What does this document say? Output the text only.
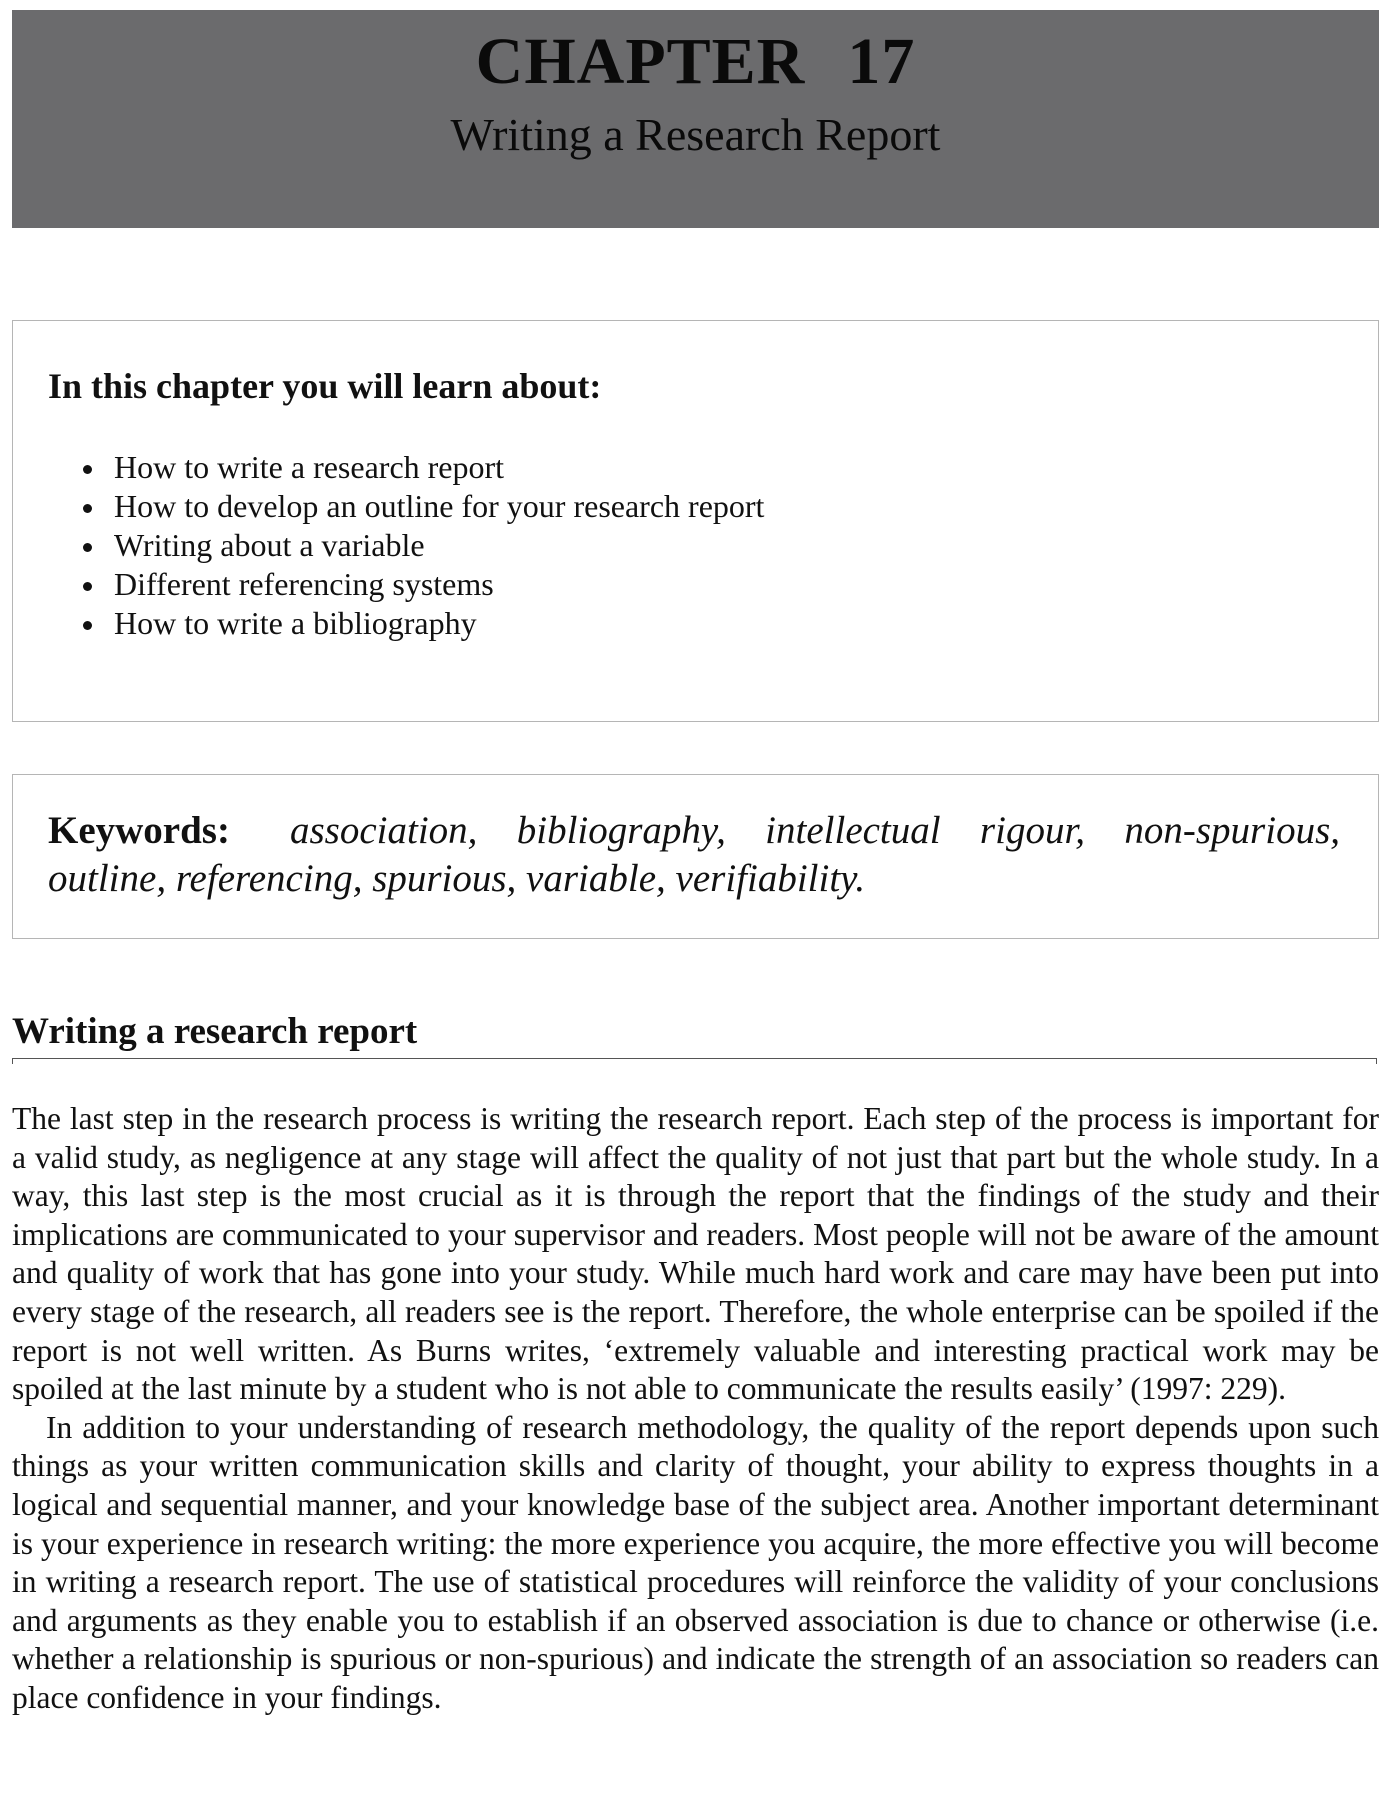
CHAPTER 17
Writing a Research Report
In this chapter you will learn about:
How to write a research report
How to develop an outline for your research report
Writing about a variable
Different referencing systems
How to write a bibliography

Keywords: association, bibliography, intellectual rigour, non-spurious, outline, referencing, spurious, variable, verifiability.

Writing a research report

The last step in the research process is writing the research report. Each step of the process is important for a valid study, as negligence at any stage will affect the quality of not just that part but the whole study. In a way, this last step is the most crucial as it is through the report that the findings of the study and their implications are communicated to your supervisor and readers. Most people will not be aware of the amount and quality of work that has gone into your study. While much hard work and care may have been put into every stage of the research, all readers see is the report. Therefore, the whole enterprise can be spoiled if the report is not well written. As Burns writes, ‘extremely valuable and interesting practical work may be spoiled at the last minute by a student who is not able to communicate the results easily’ (1997: 229).

In addition to your understanding of research methodology, the quality of the report depends upon such things as your written communication skills and clarity of thought, your ability to express thoughts in a logical and sequential manner, and your knowledge base of the subject area. Another important determinant is your experience in research writing: the more experience you acquire, the more effective you will become in writing a research report. The use of statistical procedures will reinforce the validity of your conclusions and arguments as they enable you to establish if an observed association is due to chance or otherwise (i.e. whether a relationship is spurious or non-spurious) and indicate the strength of an association so readers can place confidence in your findings.
